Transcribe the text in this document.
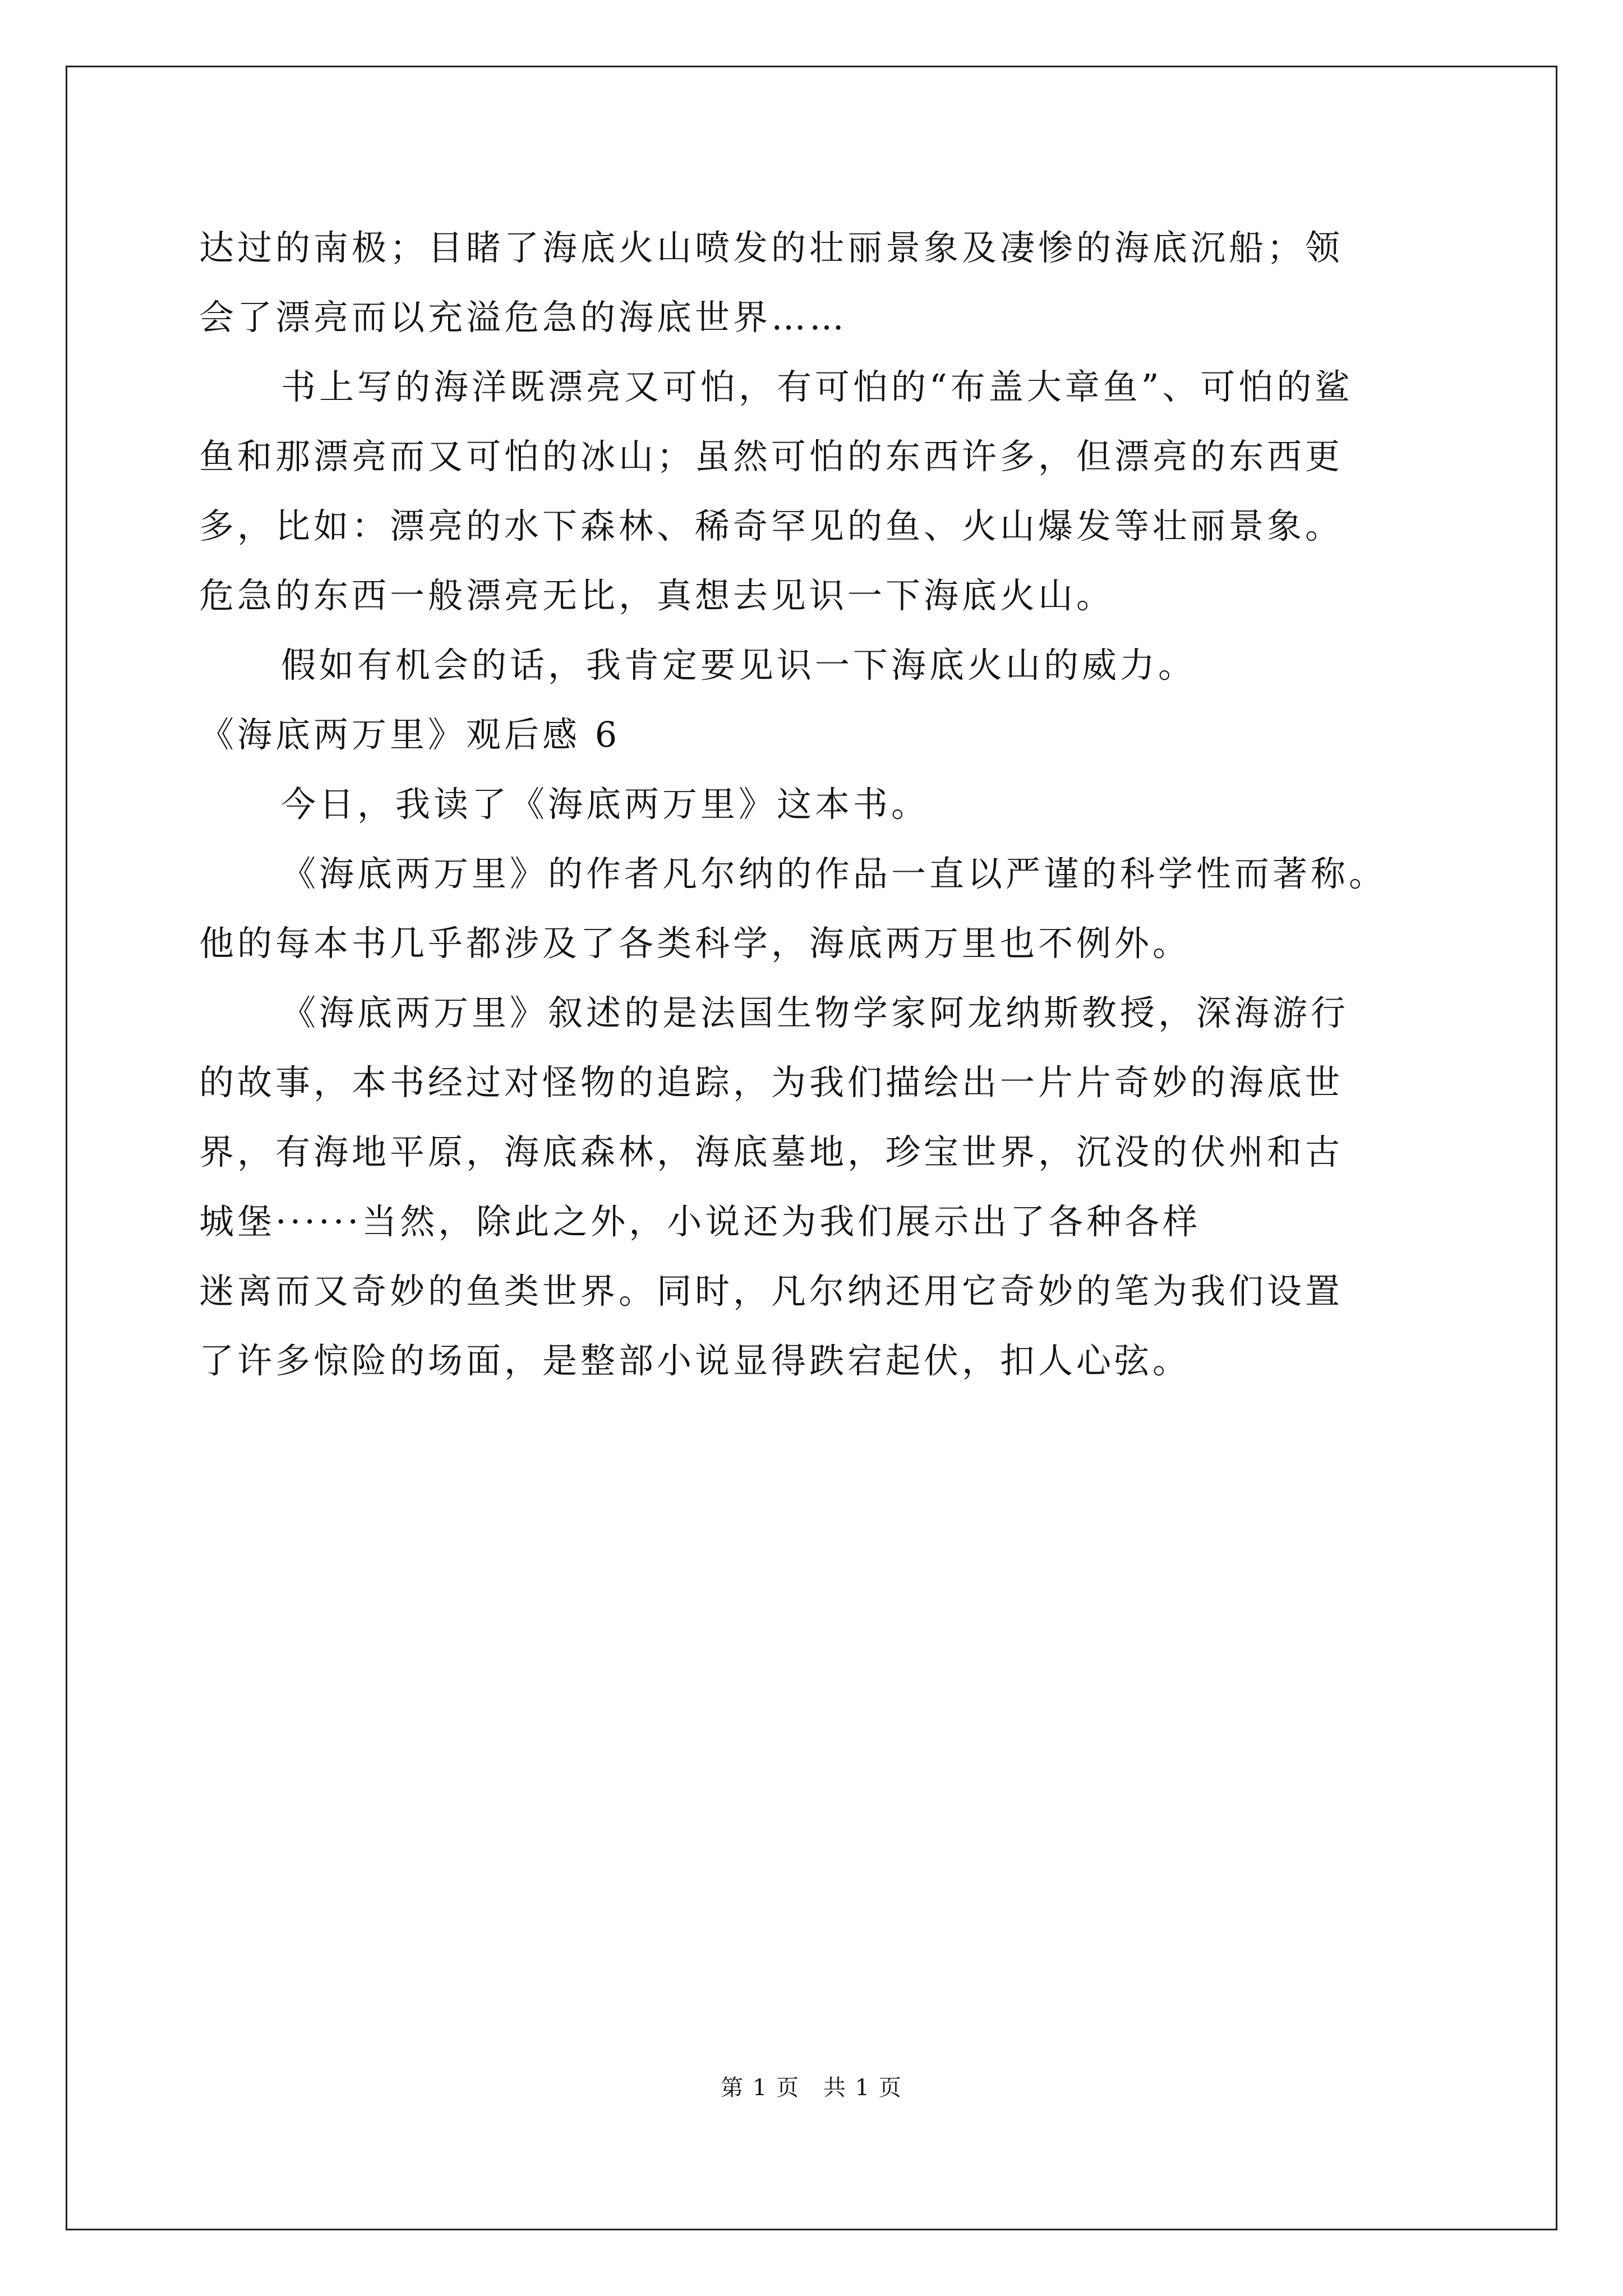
达过的南极；目睹了海底火山喷发的壮丽景象及凄惨的海底沉船；领
会了漂亮而以充溢危急的海底世界……
书上写的海洋既漂亮又可怕，有可怕的“布盖大章鱼”、可怕的鲨
鱼和那漂亮而又可怕的冰山；虽然可怕的东西许多，但漂亮的东西更
多，比如：漂亮的水下森林、稀奇罕见的鱼、火山爆发等壮丽景象。
危急的东西一般漂亮无比，真想去见识一下海底火山。
假如有机会的话，我肯定要见识一下海底火山的威力。
《海底两万里》观后感 6
今日，我读了《海底两万里》这本书。
《海底两万里》的作者凡尔纳的作品一直以严谨的科学性而著称。
他的每本书几乎都涉及了各类科学，海底两万里也不例外。
《海底两万里》叙述的是法国生物学家阿龙纳斯教授，深海游行
的故事，本书经过对怪物的追踪，为我们描绘出一片片奇妙的海底世
界，有海地平原，海底森林，海底墓地，珍宝世界，沉没的伏州和古
城堡······当然，除此之外，小说还为我们展示出了各种各样
迷离而又奇妙的鱼类世界。同时，凡尔纳还用它奇妙的笔为我们设置
了许多惊险的场面，是整部小说显得跌宕起伏，扣人心弦。
第 1 页　共 1 页
